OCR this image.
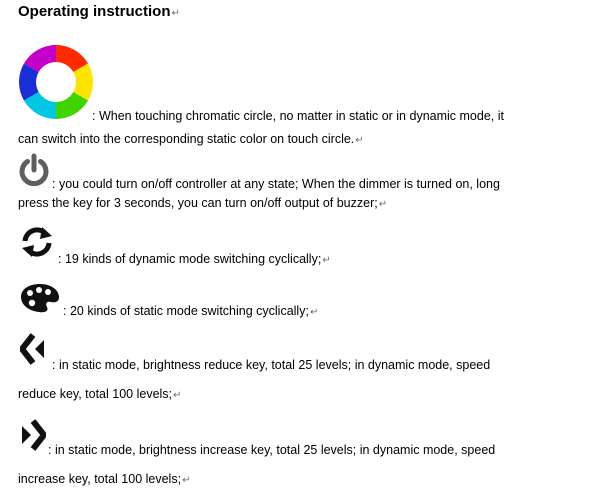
Operating instruction↵
: When touching chromatic circle, no matter in static or in dynamic mode, it
can switch into the corresponding static color on touch circle.↵
: you could turn on/off controller at any state; When the dimmer is turned on, long
press the key for 3 seconds, you can turn on/off output of buzzer;↵
: 19 kinds of dynamic mode switching cyclically;↵
: 20 kinds of static mode switching cyclically;↵
: in static mode, brightness reduce key, total 25 levels; in dynamic mode, speed
reduce key, total 100 levels;↵
: in static mode, brightness increase key, total 25 levels; in dynamic mode, speed
increase key, total 100 levels;↵
